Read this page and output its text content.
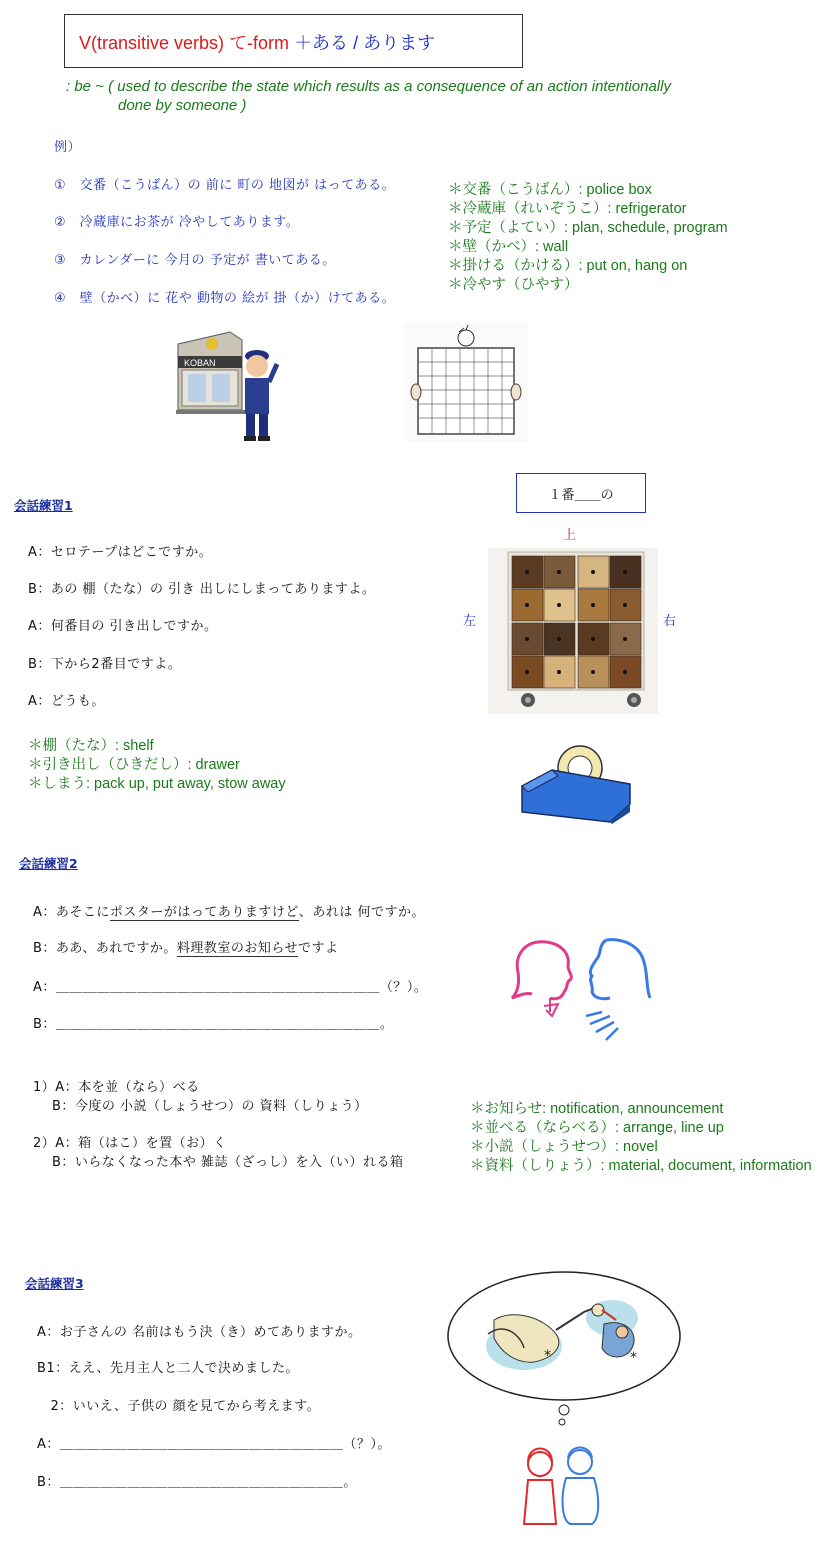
V(transitive verbs) て-form ＋ある / あります
: be ~ ( used to describe the state which results as a consequence of an action intentionally
done by someone )
例）
①　交番（こうばん）の 前に 町の 地図が はってある。
②　冷蔵庫にお茶が 冷やしてあります。
③　カレンダーに 今月の 予定が 書いてある。
④　壁（かべ）に 花や 動物の 絵が 掛（か）けてある。
＊交番（こうばん）: police box
＊冷蔵庫（れいぞうこ）: refrigerator
＊予定（よてい）: plan, schedule, program
＊壁（かべ）: wall
＊掛ける（かける）: put on, hang on
＊冷やす（ひやす）
KOBAN
会話練習1
A：セロテープはどこですか。
B：あの 棚（たな）の 引き 出しにしまってありますよ。
A：何番目の 引き出しですか。
B：下から2番目ですよ。
A：どうも。
＊棚（たな）: shelf
＊引き出し（ひきだし）: drawer
＊しまう: pack up, put away, stow away
１番＿＿の
上
左	右
会話練習2
A：あそこにポスターがはってありますけど、あれは 何ですか。
B：ああ、あれですか。料理教室のお知らせですよ
A：＿＿＿＿＿＿＿＿＿＿＿＿＿＿＿＿＿＿＿＿＿＿＿＿（？）。
B：＿＿＿＿＿＿＿＿＿＿＿＿＿＿＿＿＿＿＿＿＿＿＿＿。
1）A：本を並（なら）べる
B：今度の 小説（しょうせつ）の 資料（しりょう）
2）A：箱（はこ）を置（お）く
B：いらなくなった本や 雑誌（ざっし）を入（い）れる箱
＊お知らせ: notification, announcement
＊並べる（ならべる）: arrange, line up
＊小説（しょうせつ）: novel
＊資料（しりょう）: material, document, information
会話練習3
A：お子さんの 名前はもう決（き）めてありますか。
B1：ええ、先月主人と二人で決めました。
　2：いいえ、子供の 顔を見てから考えます。
A：＿＿＿＿＿＿＿＿＿＿＿＿＿＿＿＿＿＿＿＿＿（？）。
B：＿＿＿＿＿＿＿＿＿＿＿＿＿＿＿＿＿＿＿＿＿。
*	*
